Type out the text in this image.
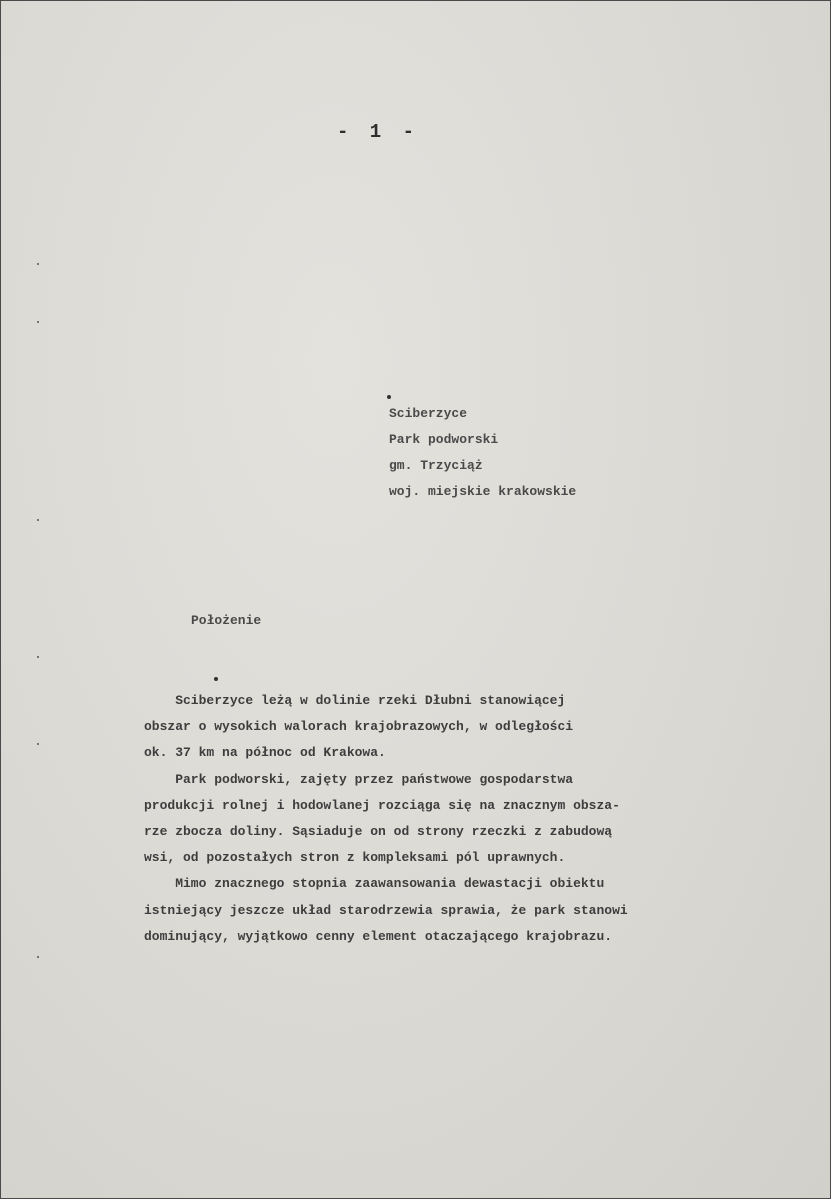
- 1 -
Sciberzyce
Park podworski
gm. Trzyciąż
woj. miejskie krakowskie
Położenie
Sciberzyce leżą w dolinie rzeki Dłubni stanowiącej
obszar o wysokich walorach krajobrazowych, w odległości
ok. 37 km na północ od Krakowa.
Park podworski, zajęty przez państwowe gospodarstwa
produkcji rolnej i hodowlanej rozciąga się na znacznym obsza-
rze zbocza doliny. Sąsiaduje on od strony rzeczki z zabudową
wsi, od pozostałych stron z kompleksami pól uprawnych.
Mimo znacznego stopnia zaawansowania dewastacji obiektu
istniejący jeszcze układ starodrzewia sprawia, że park stanowi
dominujący, wyjątkowo cenny element otaczającego krajobrazu.
